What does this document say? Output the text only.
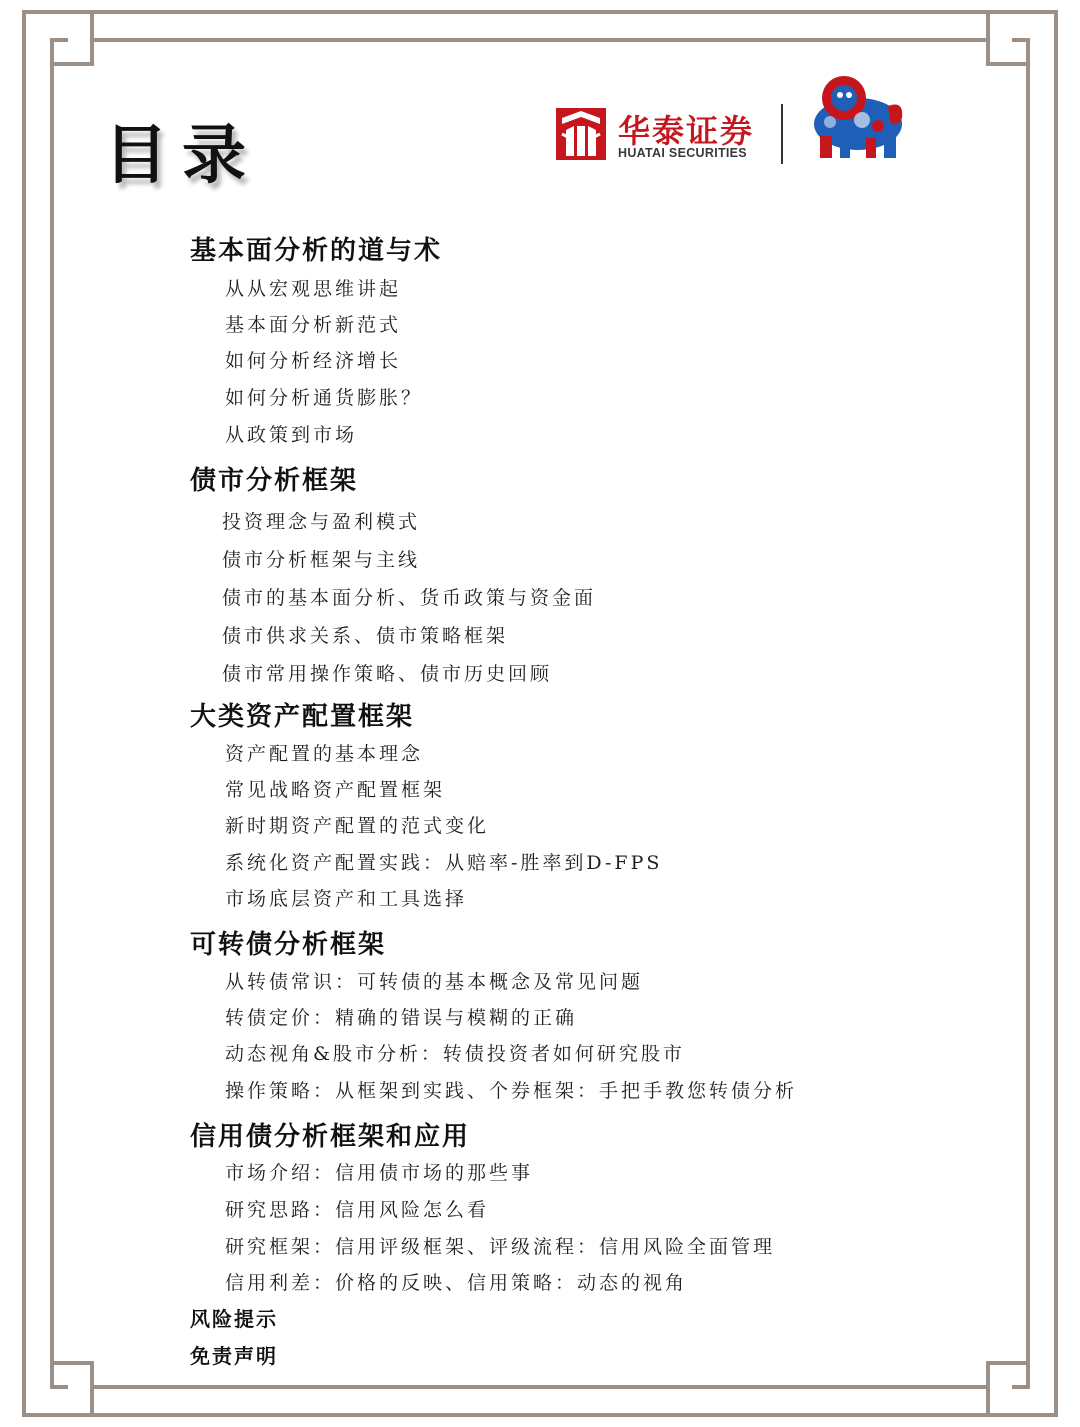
目录	华泰证券
HUATAI SECURITIES
基本面分析的道与术
从从宏观思维讲起
基本面分析新范式
如何分析经济增长
如何分析通货膨胀？
从政策到市场
债市分析框架
投资理念与盈利模式
债市分析框架与主线
债市的基本面分析、货币政策与资金面
债市供求关系、债市策略框架
债市常用操作策略、债市历史回顾
大类资产配置框架
资产配置的基本理念
常见战略资产配置框架
新时期资产配置的范式变化
系统化资产配置实践：从赔率-胜率到D-FPS
市场底层资产和工具选择
可转债分析框架
从转债常识：可转债的基本概念及常见问题
转债定价：精确的错误与模糊的正确
动态视角&股市分析：转债投资者如何研究股市
操作策略：从框架到实践、个券框架：手把手教您转债分析
信用债分析框架和应用
市场介绍：信用债市场的那些事
研究思路：信用风险怎么看
研究框架：信用评级框架、评级流程：信用风险全面管理
信用利差：价格的反映、信用策略：动态的视角
风险提示
免责声明
